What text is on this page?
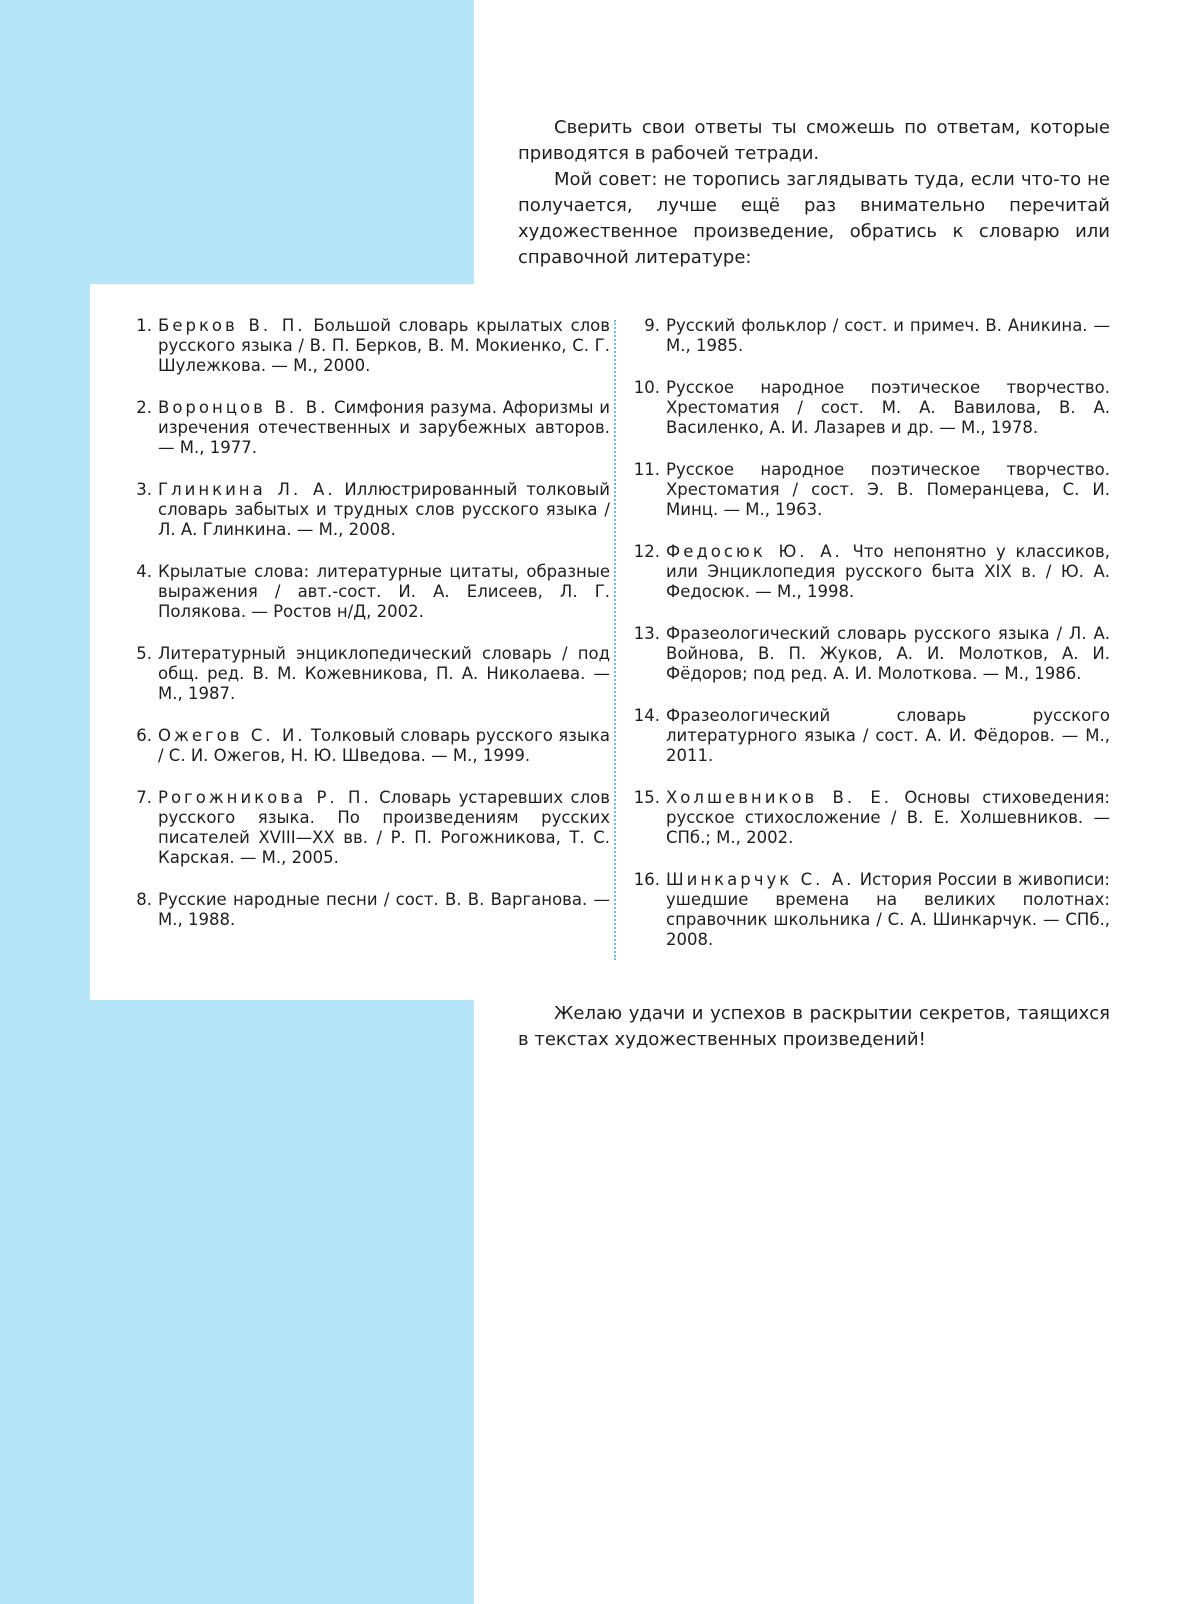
Сверить свои ответы ты сможешь по ответам, которые приводятся в рабочей тетради.

Мой совет: не торопись заглядывать туда, если что-то не получается, лучше ещё раз внимательно перечитай художественное произведение, обратись к словарю или справочной литературе:

1. Берков В. П. Большой словарь крылатых слов русского языка / В. П. Берков, В. М. Мокиенко, С. Г. Шулежкова. — М., 2000.
2. Воронцов В. В. Симфония разума. Афоризмы и изречения отечественных и зарубежных авторов. — М., 1977.
3. Глинкина Л. А. Иллюстрированный толковый словарь забытых и трудных слов русского языка / Л. А. Глинкина. — М., 2008.
4. Крылатые слова: литературные цитаты, образные выражения / авт.-сост. И. А. Елисеев, Л. Г. Полякова. — Ростов н/Д, 2002.
5. Литературный энциклопедический словарь / под общ. ред. В. М. Кожевникова, П. А. Николаева. — М., 1987.
6. Ожегов С. И. Толковый словарь русского языка / С. И. Ожегов, Н. Ю. Шведова. — М., 1999.
7. Рогожникова Р. П. Словарь устаревших слов русского языка. По произведениям русских писателей XVIII—XX вв. / Р. П. Рогожникова, Т. С. Карская. — М., 2005.
8. Русские народные песни / сост. В. В. Варганова. — М., 1988.
9. Русский фольклор / сост. и примеч. В. Аникина. — М., 1985.
10. Русское народное поэтическое творчество. Хрестоматия / сост. М. А. Вавилова, В. А. Василенко, А. И. Лазарев и др. — М., 1978.
11. Русское народное поэтическое творчество. Хрестоматия / сост. Э. В. Померанцева, С. И. Минц. — М., 1963.
12. Федосюк Ю. А. Что непонятно у классиков, или Энциклопедия русского быта XIX в. / Ю. А. Федосюк. — М., 1998.
13. Фразеологический словарь русского языка / Л. А. Войнова, В. П. Жуков, А. И. Молотков, А. И. Фёдоров; под ред. А. И. Молоткова. — М., 1986.
14. Фразеологический словарь русского литературного языка / сост. А. И. Фёдоров. — М., 2011.
15. Холшевников В. Е. Основы стиховедения: русское стихосложение / В. Е. Холшевников. — СПб.; М., 2002.
16. Шинкарчук С. А. История России в живописи: ушедшие времена на великих полотнах: справочник школьника / С. А. Шинкарчук. — СПб., 2008.

Желаю удачи и успехов в раскрытии секретов, таящихся в текстах художественных произведений!
